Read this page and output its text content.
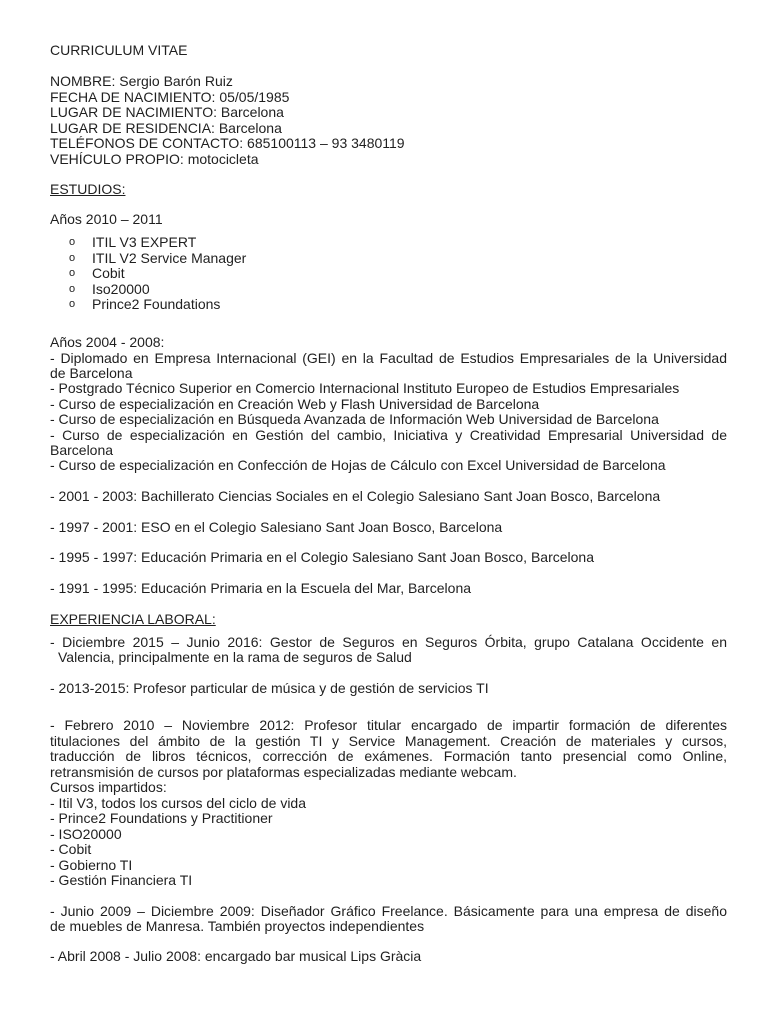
CURRICULUM VITAE
NOMBRE: Sergio Barón Ruiz
FECHA DE NACIMIENTO: 05/05/1985
LUGAR DE NACIMIENTO: Barcelona
LUGAR DE RESIDENCIA: Barcelona
TELÉFONOS DE CONTACTO: 685100113 – 93 3480119
VEHÍCULO PROPIO: motocicleta
ESTUDIOS:
Años 2010 – 2011
o ITIL V3 EXPERT
o ITIL V2 Service Manager
o Cobit
o Iso20000
o Prince2 Foundations
Años 2004 - 2008:
- Diplomado en Empresa Internacional (GEI) en la Facultad de Estudios Empresariales de la Universidad
de Barcelona
- Postgrado Técnico Superior en Comercio Internacional Instituto Europeo de Estudios Empresariales
- Curso de especialización en Creación Web y Flash Universidad de Barcelona
- Curso de especialización en Búsqueda Avanzada de Información Web Universidad de Barcelona
- Curso de especialización en Gestión del cambio, Iniciativa y Creatividad Empresarial Universidad de
Barcelona
- Curso de especialización en Confección de Hojas de Cálculo con Excel Universidad de Barcelona
- 2001 - 2003: Bachillerato Ciencias Sociales en el Colegio Salesiano Sant Joan Bosco, Barcelona
- 1997 - 2001: ESO en el Colegio Salesiano Sant Joan Bosco, Barcelona
- 1995 - 1997: Educación Primaria en el Colegio Salesiano Sant Joan Bosco, Barcelona
- 1991 - 1995: Educación Primaria en la Escuela del Mar, Barcelona
EXPERIENCIA LABORAL:
- Diciembre 2015 – Junio 2016: Gestor de Seguros en Seguros Órbita, grupo Catalana Occidente en
Valencia, principalmente en la rama de seguros de Salud
- 2013-2015: Profesor particular de música y de gestión de servicios TI
- Febrero 2010 – Noviembre 2012: Profesor titular encargado de impartir formación de diferentes
titulaciones del ámbito de la gestión TI y Service Management. Creación de materiales y cursos,
traducción de libros técnicos, corrección de exámenes. Formación tanto presencial como Online,
retransmisión de cursos por plataformas especializadas mediante webcam.
Cursos impartidos:
- Itil V3, todos los cursos del ciclo de vida
- Prince2 Foundations y Practitioner
- ISO20000
- Cobit
- Gobierno TI
- Gestión Financiera TI
- Junio 2009 – Diciembre 2009: Diseñador Gráfico Freelance. Básicamente para una empresa de diseño
de muebles de Manresa. También proyectos independientes
- Abril 2008 - Julio 2008: encargado bar musical Lips Gràcia
